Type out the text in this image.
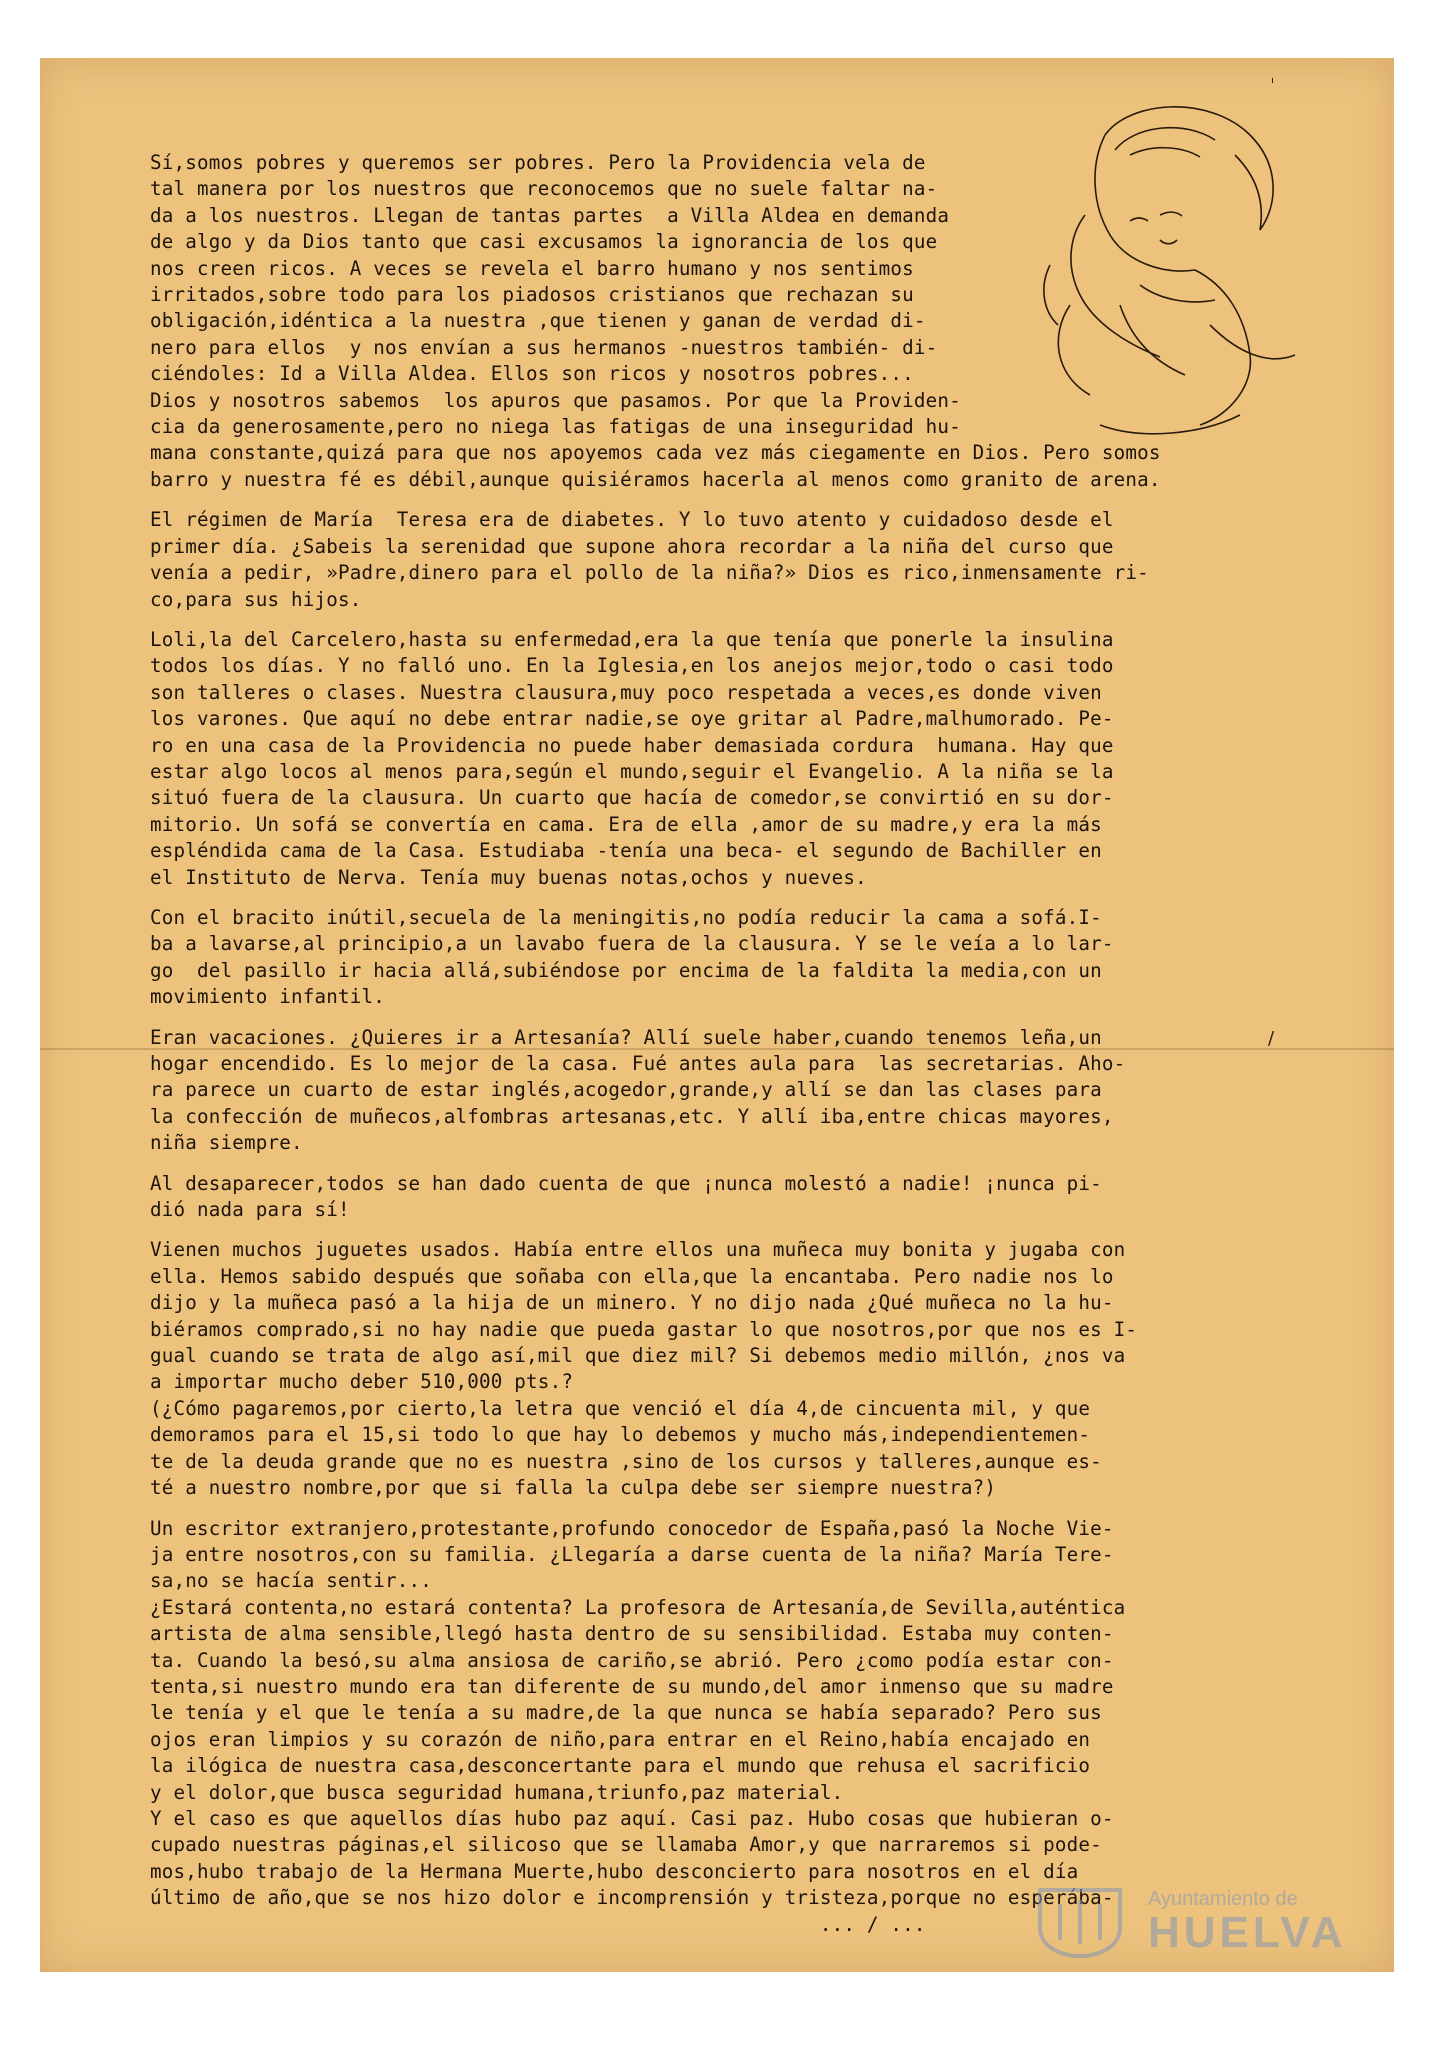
Sí,somos pobres y queremos ser pobres. Pero la Providencia vela de
tal manera por los nuestros que reconocemos que no suele faltar na-
da a los nuestros. Llegan de tantas partes  a Villa Aldea en demanda
de algo y da Dios tanto que casi excusamos la ignorancia de los que
nos creen ricos. A veces se revela el barro humano y nos sentimos
irritados,sobre todo para los piadosos cristianos que rechazan su
obligación,idéntica a la nuestra ,que tienen y ganan de verdad di-
nero para ellos  y nos envían a sus hermanos -nuestros también- di-
ciéndoles: Id a Villa Aldea. Ellos son ricos y nosotros pobres...
Dios y nosotros sabemos  los apuros que pasamos. Por que la Providen-
cia da generosamente,pero no niega las fatigas de una inseguridad hu-
mana constante,quizá para que nos apoyemos cada vez más ciegamente en Dios. Pero somos
barro y nuestra fé es débil,aunque quisiéramos hacerla al menos como granito de arena.
El régimen de María  Teresa era de diabetes. Y lo tuvo atento y cuidadoso desde el
primer día. ¿Sabeis la serenidad que supone ahora recordar a la niña del curso que
venía a pedir, »Padre,dinero para el pollo de la niña?» Dios es rico,inmensamente ri-
co,para sus hijos.
Loli,la del Carcelero,hasta su enfermedad,era la que tenía que ponerle la insulina
todos los días. Y no falló uno. En la Iglesia,en los anejos mejor,todo o casi todo
son talleres o clases. Nuestra clausura,muy poco respetada a veces,es donde viven
los varones. Que aquí no debe entrar nadie,se oye gritar al Padre,malhumorado. Pe-
ro en una casa de la Providencia no puede haber demasiada cordura  humana. Hay que
estar algo locos al menos para,según el mundo,seguir el Evangelio. A la niña se la
situó fuera de la clausura. Un cuarto que hacía de comedor,se convirtió en su dor-
mitorio. Un sofá se convertía en cama. Era de ella ,amor de su madre,y era la más
espléndida cama de la Casa. Estudiaba -tenía una beca- el segundo de Bachiller en
el Instituto de Nerva. Tenía muy buenas notas,ochos y nueves.
Con el bracito inútil,secuela de la meningitis,no podía reducir la cama a sofá.I-
ba a lavarse,al principio,a un lavabo fuera de la clausura. Y se le veía a lo lar-
go  del pasillo ir hacia allá,subiéndose por encima de la faldita la media,con un
movimiento infantil.
Eran vacaciones. ¿Quieres ir a Artesanía? Allí suele haber,cuando tenemos leña,un
hogar encendido. Es lo mejor de la casa. Fué antes aula para  las secretarias. Aho-
ra parece un cuarto de estar inglés,acogedor,grande,y allí se dan las clases para
la confección de muñecos,alfombras artesanas,etc. Y allí iba,entre chicas mayores,
niña siempre.
Al desaparecer,todos se han dado cuenta de que ¡nunca molestó a nadie! ¡nunca pi-
dió nada para sí!
Vienen muchos juguetes usados. Había entre ellos una muñeca muy bonita y jugaba con
ella. Hemos sabido después que soñaba con ella,que la encantaba. Pero nadie nos lo
dijo y la muñeca pasó a la hija de un minero. Y no dijo nada ¿Qué muñeca no la hu-
biéramos comprado,si no hay nadie que pueda gastar lo que nosotros,por que nos es I-
gual cuando se trata de algo así,mil que diez mil? Si debemos medio millón, ¿nos va
a importar mucho deber 510,000 pts.?
(¿Cómo pagaremos,por cierto,la letra que venció el día 4,de cincuenta mil, y que
demoramos para el 15,si todo lo que hay lo debemos y mucho más,independientemen-
te de la deuda grande que no es nuestra ,sino de los cursos y talleres,aunque es-
té a nuestro nombre,por que si falla la culpa debe ser siempre nuestra?)
Un escritor extranjero,protestante,profundo conocedor de España,pasó la Noche Vie-
ja entre nosotros,con su familia. ¿Llegaría a darse cuenta de la niña? María Tere-
sa,no se hacía sentir...
¿Estará contenta,no estará contenta? La profesora de Artesanía,de Sevilla,auténtica
artista de alma sensible,llegó hasta dentro de su sensibilidad. Estaba muy conten-
ta. Cuando la besó,su alma ansiosa de cariño,se abrió. Pero ¿como podía estar con-
tenta,si nuestro mundo era tan diferente de su mundo,del amor inmenso que su madre
le tenía y el que le tenía a su madre,de la que nunca se había separado? Pero sus
ojos eran limpios y su corazón de niño,para entrar en el Reino,había encajado en
la ilógica de nuestra casa,desconcertante para el mundo que rehusa el sacrificio
y el dolor,que busca seguridad humana,triunfo,paz material.
Y el caso es que aquellos días hubo paz aquí. Casi paz. Hubo cosas que hubieran o-
cupado nuestras páginas,el silicoso que se llamaba Amor,y que narraremos si pode-
mos,hubo trabajo de la Hermana Muerte,hubo desconcierto para nosotros en el día
último de año,que se nos hizo dolor e incomprensión y tristeza,porque no esperába-
... / ...
/
Ayuntamiento de
HUELVA
